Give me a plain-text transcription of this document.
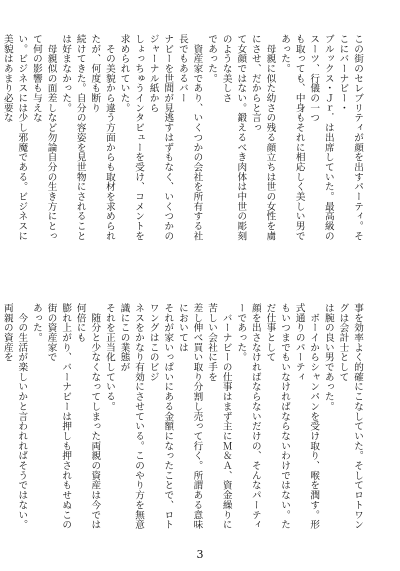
この街のセレブリティが顔を出すパーティ。そこにバーナビー・
ブルックス・Ｊｒ．は出席していた。最高級のスーツ、行儀の一つ
も取っても、中身もそれに相応しく美しい男であった。
　母親に似た幼さの残る顔立ちは世の女性を虜にさせ、だからと言っ
て女顔ではない。鍛えるべき肉体は中世の彫刻のような美しさ
であった。
　資産家であり、いくつかの会社を所有する社長でもあるバー
ナビーを世間が見逃すはずもなく、いくつかのジャーナル紙から
しょっちゅうインタビューを受け、コメントを求められていた。
　その美貌から違う方面からも取材を求められたが、何度も断り
続けてきた。自分の容姿を見世物にされることは好まなかった。
　母親似の面差しなど勿論自分の生き方にとって何の影響も与えな
い。ビジネスには少し邪魔である。ビジネスに美貌はあまり必要な
事を効率よく的確にこなしていた。そしてロトワングは会計士として
は腕の良い男であった。
　ボーイからシャンパンを受け取り、喉を潤す。形式通りのパーティ
もいつまでもいなければならないわけではない。ただ仕事として
顔を出さなければならないだけの、そんなパーティーであった。
　バーナビーの仕事はまず主にＭ＆Ａ、資金繰りに苦しい会社に手を
差し伸べ買い取り分割し売って行く。所謂ある意味においては
それが家いっぱいにある金額になったことで、ロトワングはこのビジ
ネスをかなり有効にさせている。このやり方を無意識にこの業態が
それを正当化している。
　随分と少なくなってしまった両親の資産は今では何倍にも
膨れ上がり、バーナビーは押しも押されもせぬこの街の資産家で
あった。
　今の生活が楽しいかと言われればそうではない。両親の資産を
3
